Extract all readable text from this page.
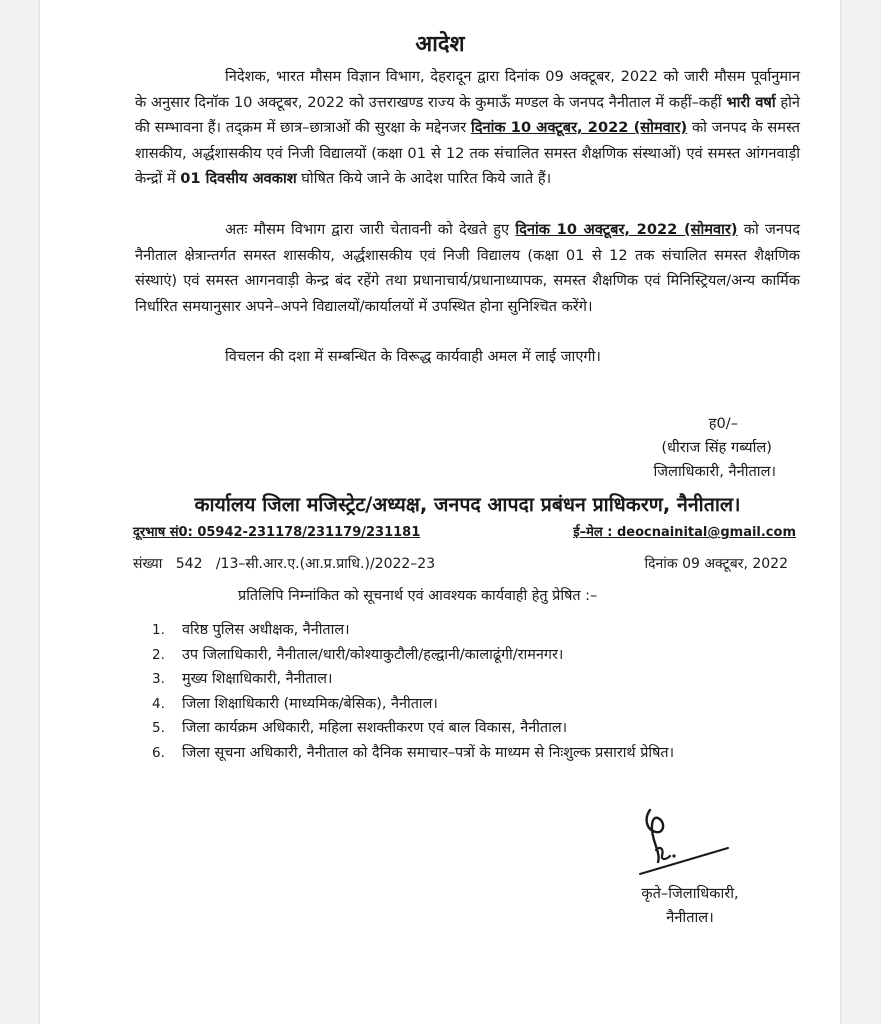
आदेश

निदेशक, भारत मौसम विज्ञान विभाग, देहरादून द्वारा दिनांक 09 अक्टूबर, 2022 को जारी मौसम पूर्वानुमान के अनुसार दिनॉक 10 अक्टूबर, 2022 को उत्तराखण्ड राज्य के कुमाऊँ मण्डल के जनपद नैनीताल में कहीं–कहीं भारी वर्षा होने की सम्भावना हैं। तद्क्रम में छात्र–छात्राओं की सुरक्षा के मद्देनजर दिनांक 10 अक्टूबर, 2022 (सोमवार) को जनपद के समस्त शासकीय, अर्द्धशासकीय एवं निजी विद्यालयों (कक्षा 01 से 12 तक संचालित समस्त शैक्षणिक संस्थाओं) एवं समस्त आंगनवाड़ी केन्द्रों में 01 दिवसीय अवकाश घोषित किये जाने के आदेश पारित किये जाते हैं।

अतः मौसम विभाग द्वारा जारी चेतावनी को देखते हुए दिनांक 10 अक्टूबर, 2022 (सोमवार) को जनपद नैनीताल क्षेत्रान्तर्गत समस्त शासकीय, अर्द्धशासकीय एवं निजी विद्यालय (कक्षा 01 से 12 तक संचालित समस्त शैक्षणिक संस्थाएं) एवं समस्त आगनवाड़ी केन्द्र बंद रहेंगे तथा प्रधानाचार्य/प्रधानाध्यापक, समस्त शैक्षणिक एवं मिनिस्ट्रियल/अन्य कार्मिक निर्धारित समयानुसार अपने–अपने विद्यालयों/कार्यालयों में उपस्थित होना सुनिश्चित करेंगे।

विचलन की दशा में सम्बन्धित के विरूद्ध कार्यवाही अमल में लाई जाएगी।

ह0/–
(धीराज सिंह गर्ब्याल)
जिलाधिकारी, नैनीताल।
कार्यालय जिला मजिस्ट्रेट/अध्यक्ष, जनपद आपदा प्रबंधन प्राधिकरण, नैनीताल।
दूरभाष सं0: 05942-231178/231179/231181	ई–मेल : deocnainital@gmail.com
संख्या   542   /13–सी.आर.ए.(आ.प्र.प्राधि.)/2022–23	दिनांक 09 अक्टूबर, 2022
प्रतिलिपि निम्नांकित को सूचनार्थ एवं आवश्यक कार्यवाही हेतु प्रेषित :–
1.	वरिष्ठ पुलिस अधीक्षक, नैनीताल।
2.	उप जिलाधिकारी, नैनीताल/धारी/कोश्याकुटौली/हल्द्वानी/कालाढूंगी/रामनगर।
3.	मुख्य शिक्षाधिकारी, नैनीताल।
4.	जिला शिक्षाधिकारी (माध्यमिक/बेसिक), नैनीताल।
5.	जिला कार्यक्रम अधिकारी, महिला सशक्तीकरण एवं बाल विकास, नैनीताल।
6.	जिला सूचना अधिकारी, नैनीताल को दैनिक समाचार–पत्रों के माध्यम से निःशुल्क प्रसारार्थ प्रेषित।
कृते–जिलाधिकारी,
नैनीताल।
